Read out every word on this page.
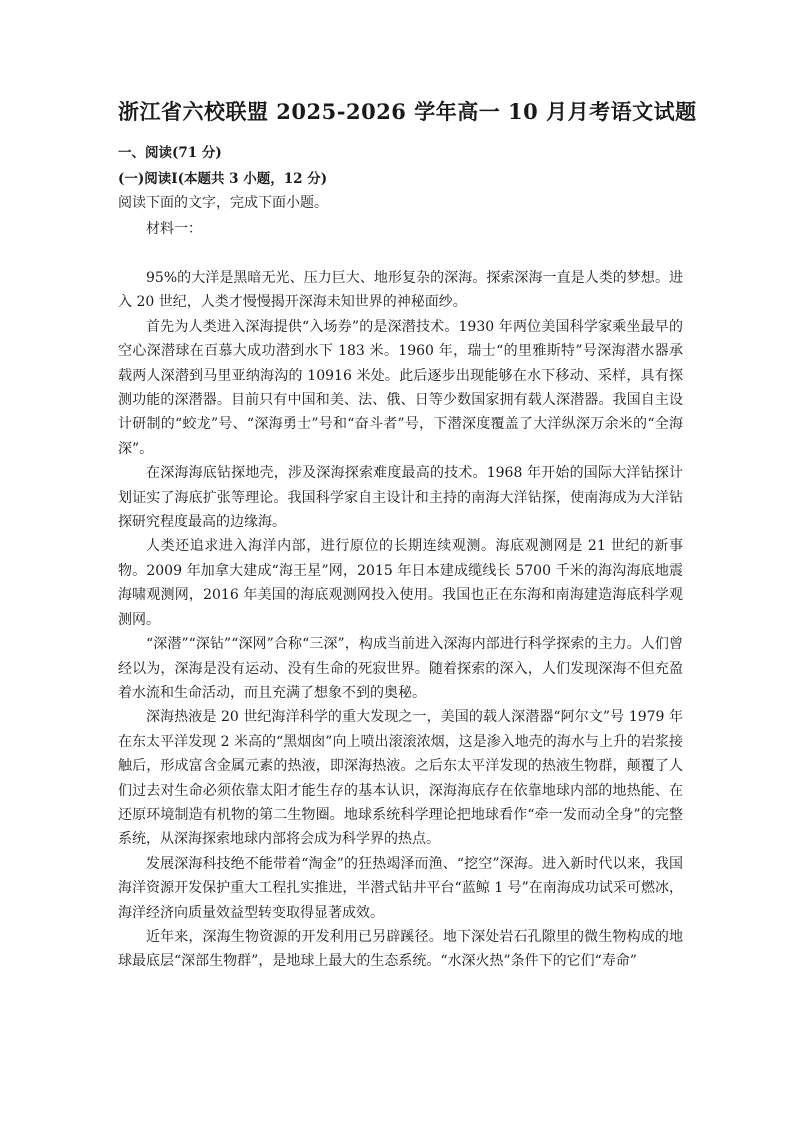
浙江省六校联盟 2025-2026 学年高一 10 月月考语文试题
一、阅读(71 分)
(一)阅读Ⅰ(本题共 3 小题，12 分)
阅读下面的文字，完成下面小题。
材料一：

95%的大洋是黑暗无光、压力巨大、地形复杂的深海。探索深海一直是人类的梦想。进入 20 世纪，人类才慢慢揭开深海未知世界的神秘面纱。

首先为人类进入深海提供“入场券”的是深潜技术。1930 年两位美国科学家乘坐最早的空心深潜球在百慕大成功潜到水下 183 米。1960 年，瑞士“的里雅斯特”号深海潜水器承载两人深潜到马里亚纳海沟的 10916 米处。此后逐步出现能够在水下移动、采样，具有探测功能的深潜器。目前只有中国和美、法、俄、日等少数国家拥有载人深潜器。我国自主设计研制的“蛟龙”号、“深海勇士”号和“奋斗者”号，下潜深度覆盖了大洋纵深万余米的“全海深”。

在深海海底钻探地壳，涉及深海探索难度最高的技术。1968 年开始的国际大洋钻探计划证实了海底扩张等理论。我国科学家自主设计和主持的南海大洋钻探，使南海成为大洋钻探研究程度最高的边缘海。

人类还追求进入海洋内部，进行原位的长期连续观测。海底观测网是 21 世纪的新事物。2009 年加拿大建成“海王星”网，2015 年日本建成缆线长 5700 千米的海沟海底地震海啸观测网，2016 年美国的海底观测网投入使用。我国也正在东海和南海建造海底科学观测网。

“深潜”“深钻”“深网”合称“三深”，构成当前进入深海内部进行科学探索的主力。人们曾经以为，深海是没有运动、没有生命的死寂世界。随着探索的深入，人们发现深海不但充盈着水流和生命活动，而且充满了想象不到的奥秘。

深海热液是 20 世纪海洋科学的重大发现之一，美国的载人深潜器“阿尔文”号 1979 年在东太平洋发现 2 米高的“黑烟囱”向上喷出滚滚浓烟，这是渗入地壳的海水与上升的岩浆接触后，形成富含金属元素的热液，即深海热液。之后东太平洋发现的热液生物群，颠覆了人们过去对生命必须依靠太阳才能生存的基本认识，深海海底存在依靠地球内部的地热能、在还原环境制造有机物的第二生物圈。地球系统科学理论把地球看作“牵一发而动全身”的完整系统，从深海探索地球内部将会成为科学界的热点。

发展深海科技绝不能带着“淘金”的狂热竭泽而渔、“挖空”深海。进入新时代以来，我国海洋资源开发保护重大工程扎实推进，半潜式钻井平台“蓝鲸 1 号”在南海成功试采可燃冰，海洋经济向质量效益型转变取得显著成效。

近年来，深海生物资源的开发利用已另辟蹊径。地下深处岩石孔隙里的微生物构成的地球最底层“深部生物群”，是地球上最大的生态系统。“水深火热”条件下的它们“寿命”
